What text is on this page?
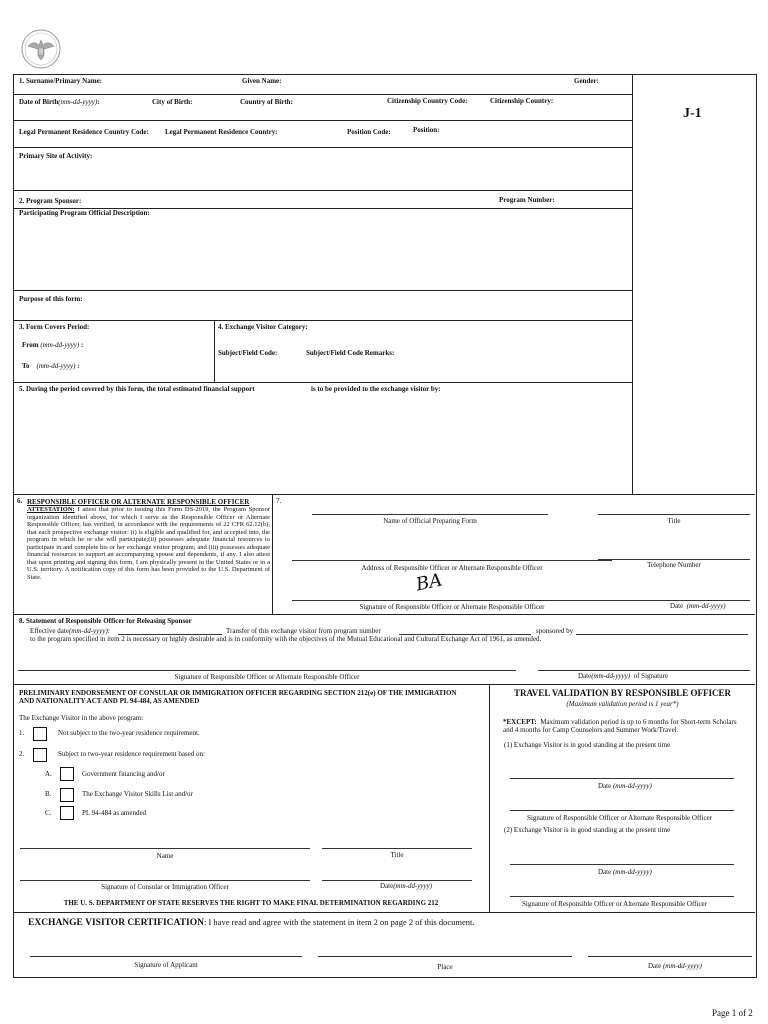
J-1
1. Surname/Primary Name:	Given Name:	Gender:
Date of Birth(mm-dd-yyyy):	City of Birth:	Country of Birth:	Citizenship Country Code:	Citizenship Country:
Legal Permanent Residence Country Code: Legal Permanent Residence Country:	Position Code:	Position:
Primary Site of Activity:
2. Program Sponsor:	Program Number:
Participating Program Official Description:
Purpose of this form:
3. Form Covers Period:
From (mm-dd-yyyy) :
To (mm-dd-yyyy) :
4. Exchange Visitor Category:
Subject/Field Code:	Subject/Field Code Remarks:
5. During the period covered by this form, the total estimated financial support	is to be provided to the exchange visitor by:
6. RESPONSIBLE OFFICER OR ALTERNATE RESPONSIBLE OFFICER
ATTESTATION: I attest that prior to issuing this Form DS-2019, the Program Sponsor organization identified above, for which I serve as the Responsible Officer or Alternate Responsible Officer, has verified, in accordance with the requirements of 22 CFR 62.12(b), that each prospective exchange visitor: (i) is eligible and qualified for, and accepted into, the program in which he or she will participate;(ii) possesses adequate financial resources to participate in and complete his or her exchange visitor program; and (iii) possesses adequate financial resources to support an accompanying spouse and dependents, if any. I also attest that upon printing and signing this form, I am physically present in the United States or in a U.S. territory. A notification copy of this form has been provided to the U.S. Department of State.
7.
Name of Official Preparing Form	Title
Address of Responsible Officer or Alternate Responsible Officer	Telephone Number
BA
Signature of Responsible Officer or Alternate Responsible Officer	Date (mm-dd-yyyy)
8. Statement of Responsible Officer for Releasing Sponsor
Effective date(mm-dd-yyyy):	Transfer of this exchange visitor from program number	sponsored by
to the program specified in item 2 is necessary or highly desirable and is in conformity with the objectives of the Mutual Educational and Cultural Exchange Act of 1961, as amended.
Signature of Responsible Officer or Alternate Responsible Officer	Date(mm-dd-yyyy) of Signature
PRELIMINARY ENDORSEMENT OF CONSULAR OR IMMIGRATION OFFICER REGARDING SECTION 212(e) OF THE IMMIGRATION AND NATIONALITY ACT AND PL 94-484, AS AMENDED
The Exchange Visitor in the above program:
1.	Not subject to the two-year residence requirement.
2.	Subject to two-year residence requirement based on:
A.	Government financing and/or
B.	The Exchange Visitor Skills List and/or
C.	PL 94-484 as amended
Name	Title
Signature of Consular or Immigration Officer	Date(mm-dd-yyyy)
THE U. S. DEPARTMENT OF STATE RESERVES THE RIGHT TO MAKE FINAL DETERMINATION REGARDING 212
TRAVEL VALIDATION BY RESPONSIBLE OFFICER
(Maximum validation period is 1 year*)
*EXCEPT: Maximum validation period is up to 6 months for Short-term Scholars and 4 months for Camp Counselors and Summer Work/Travel.
(1) Exchange Visitor is in good standing at the present time
Date (mm-dd-yyyy)
Signature of Responsible Officer or Alternate Responsible Officer
(2) Exchange Visitor is in good standing at the present time
Date (mm-dd-yyyy)
Signature of Responsible Officer or Alternate Responsible Officer
EXCHANGE VISITOR CERTIFICATION: I have read and agree with the statement in item 2 on page 2 of this document.
Signature of Applicant	Place	Date (mm-dd-yyyy)
Page 1 of 2
